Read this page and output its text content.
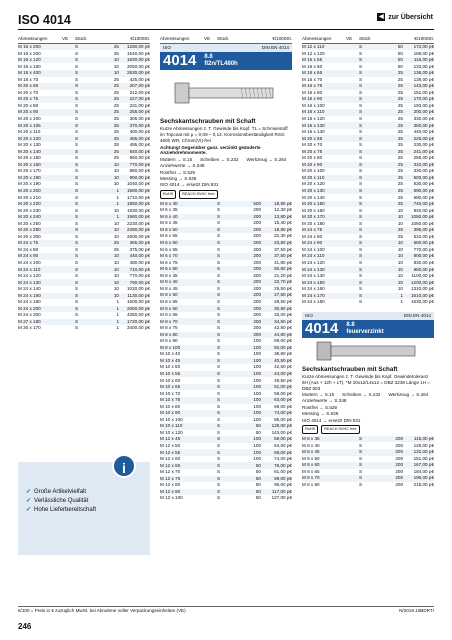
ISO 4014	◀ zur Übersicht
Abmessungen	VE	Stück	€/1000St.
M 16 x 200	S	25	1280,00 p€
M 16 x 200	S	25	1540,00 p€
M 16 x 120	S	10	1830,00 p€
M 16 x 160	S	10	2050,00 p€
M 16 x 400	S	10	2830,00 p€
M 18 x 70	S	25	425,00 p€
M 20 x 65	S	25	207,00 p€
M 20 x 70	S	25	212,00 p€
M 20 x 75	S	25	227,00 p€
M 20 x 80	S	25	231,00 p€
M 20 x 90	S	25	255,00 p€
M 20 x 100	S	25	305,00 p€
M 20 x 105	S	25	370,00 p€
M 20 x 110	S	25	400,00 p€
M 20 x 120	S	25	485,00 p€
M 20 x 130	S	25	495,00 p€
M 20 x 140	S	25	640,00 p€
M 20 x 150	S	25	660,00 p€
M 20 x 160	S	10	770,00 p€
M 20 x 170	S	10	860,00 p€
M 20 x 180	S	10	950,00 p€
M 20 x 190	S	10	1040,00 p€
M 20 x 200	S	1	1580,00 p€
M 20 x 210	S	1	1710,00 p€
M 20 x 220	S	1	1850,00 p€
M 20 x 230	S	10	1930,00 p€
M 20 x 240	S	1	1960,00 p€
M 20 x 250	S	10	2230,00 p€
M 20 x 280	S	10	2390,00 p€
M 20 x 300	S	10	2600,00 p€
M 24 x 75	S	25	365,00 p€
M 24 x 80	S	25	375,00 p€
M 24 x 90	S	10	440,00 p€
M 24 x 100	S	10	480,00 p€
M 24 x 110	S	10	710,00 p€
M 24 x 120	S	10	770,00 p€
M 24 x 130	S	10	790,00 p€
M 24 x 140	S	10	1020,00 p€
M 24 x 150	S	10	1130,00 p€
M 24 x 180	S	1	1500,00 p€
M 24 x 200	S	1	2050,00 p€
M 24 x 300	S	1	4250,00 p€
M 27 x 180	S	1	1720,00 p€
M 30 x 170	S	1	3400,00 p€
i
✓ Große Artikelvielfalt
✓ Verlässliche Qualität
✓ Hohe Lieferbereitschaft
Abmessungen	VE	Stück	€/1000St.
ISO	DIN EN 4014
4014 8.8
fl2n/TL480h
Sechskantschrauben mit Schaft
Kurze Abmessungen z. T. Gewinde bis Kopf. TL = Schmierstoff im Topcoat mit μ = 0,09 – 0,14. Korrosionsbeständigkeit RSS: 480h WR, Chrom(VI)-frei
Achtung! Gegenüber ganz. verzinkt geänderte Anziehdrehmomente.
Muttern → S.15 Scheiben → S.232 Werkzeug → S.264
Anziehwerte → S.348
Rostfrei → S.529
Messing → S.636
ISO 4014 → ersetzt DIN 931
RoHS	REACH SVHC free
M 6 x 30	S	500	18,90 p€
M 6 x 35	S	200	12,30 p€
M 6 x 40	S	200	13,80 p€
M 6 x 45	S	200	15,40 p€
M 6 x 50	S	200	18,80 p€
M 6 x 55	S	200	22,30 p€
M 6 x 60	S	200	23,80 p€
M 6 x 65	S	200	37,50 p€
M 6 x 70	S	200	37,50 p€
M 6 x 75	S	200	41,80 p€
M 6 x 80	S	200	50,80 p€
M 8 x 35	S	200	21,20 p€
M 8 x 40	S	200	22,70 p€
M 8 x 45	S	200	25,50 p€
M 8 x 50	S	200	27,50 p€
M 8 x 55	S	200	28,50 p€
M 8 x 60	S	200	30,80 p€
M 8 x 65	S	200	33,00 p€
M 8 x 70	S	200	34,50 p€
M 8 x 75	S	200	42,80 p€
M 8 x 80	S	200	44,80 p€
M 8 x 90	S	100	69,00 p€
M 8 x 100	S	100	92,00 p€
M 10 x 40	S	100	38,80 p€
M 10 x 45	S	100	40,50 p€
M 10 x 50	S	100	42,50 p€
M 10 x 55	S	100	44,00 p€
M 10 x 60	S	100	49,50 p€
M 10 x 65	S	100	51,00 p€
M 10 x 70	S	100	58,00 p€
M 10 x 75	S	100	63,00 p€
M 10 x 80	S	100	69,00 p€
M 10 x 90	S	100	74,00 p€
M 10 x 100	S	100	85,00 p€
M 10 x 110	S	50	128,00 p€
M 10 x 120	S	50	143,00 p€
M 12 x 45	S	100	59,00 p€
M 12 x 50	S	100	64,00 p€
M 12 x 55	S	100	69,00 p€
M 12 x 60	S	100	74,00 p€
M 12 x 65	S	50	76,00 p€
M 12 x 70	S	50	81,00 p€
M 12 x 75	S	50	89,00 p€
M 12 x 80	S	50	96,00 p€
M 12 x 90	S	50	117,00 p€
M 12 x 100	S	50	127,00 p€
Abmessungen	VE	Stück	€/1000St.
M 12 x 110	S	50	172,00 p€
M 12 x 120	S	50	188,00 p€
M 16 x 55	S	50	116,00 p€
M 16 x 60	S	50	133,00 p€
M 16 x 65	S	25	136,00 p€
M 16 x 70	S	25	139,00 p€
M 16 x 75	S	25	143,00 p€
M 16 x 80	S	25	152,00 p€
M 16 x 90	S	25	170,00 p€
M 16 x 100	S	25	193,00 p€
M 16 x 110	S	25	200,00 p€
M 16 x 120	S	25	330,00 p€
M 16 x 130	S	25	350,00 p€
M 16 x 140	S	25	440,00 p€
M 20 x 65	S	25	226,00 p€
M 20 x 70	S	25	230,00 p€
M 20 x 75	S	25	241,00 p€
M 20 x 80	S	25	255,00 p€
M 20 x 90	S	25	310,00 p€
M 20 x 100	S	25	330,00 p€
M 20 x 110	S	25	500,00 p€
M 20 x 120	S	25	530,00 p€
M 20 x 130	S	25	590,00 p€
M 20 x 140	S	25	690,00 p€
M 20 x 150	S	25	740,00 p€
M 20 x 160	S	10	840,00 p€
M 20 x 170	S	10	1050,00 p€
M 20 x 180	S	10	1060,00 p€
M 24 x 75	S	25	395,00 p€
M 24 x 80	S	25	510,00 p€
M 24 x 90	S	10	560,00 p€
M 24 x 100	S	10	770,00 p€
M 24 x 110	S	10	800,00 p€
M 24 x 120	S	10	830,00 p€
M 24 x 130	S	10	850,00 p€
M 24 x 140	S	10	1100,00 p€
M 24 x 150	S	10	1200,00 p€
M 24 x 160	S	10	1310,00 p€
M 24 x 170	S	1	1610,00 p€
M 24 x 180	S	1	1630,00 p€
ISO	DIN EN 4014
4014 8.8
feuerverzinkt
Sechskantschrauben mit Schaft
Kurze Abmessungen z. T. Gewinde bis Kopf. Gewindetoleranz 6H (Aus + 12h + LT). *M 10x12/14x12 = DBZ 3238 Länge 1H = DBZ 603
Muttern → S.15 Scheiben → S.232 Werkzeug → S.264
Anziehwerte → S.348
Rostfrei → S.529
Messing → S.636
ISO 4014 → ersetzt DIN 931
RoHS	REACH SVHC free
M 8 x 35	S	200	115,00 p€
M 8 x 40	S	200	126,00 p€
M 8 x 45	S	200	132,00 p€
M 8 x 50	S	200	151,00 p€
M 8 x 60	S	200	167,00 p€
M 8 x 65	S	200	184,00 p€
M 8 x 70	S	200	195,00 p€
M 8 x 80	S	200	215,00 p€
€/100 = Preis in € zuzüglich MwSt. bei Abnahme voller Verpackungseinheiten (VE)	N/2019.10BDRTI
246
